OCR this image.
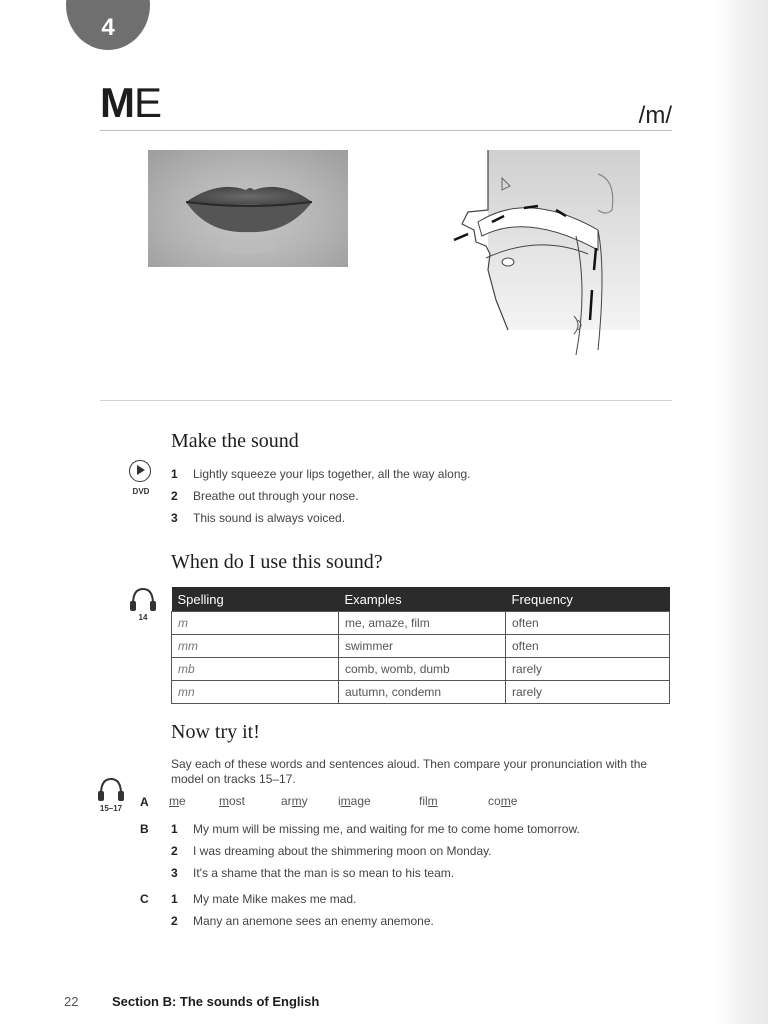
4
ME	/m/
Make the sound
DVD
1 Lightly squeeze your lips together, all the way along.
2 Breathe out through your nose.
3 This sound is always voiced.
When do I use this sound?
14
Spelling	Examples	Frequency
m	me, amaze, film	often
mm	swimmer	often
mb	comb, womb, dumb	rarely
mn	autumn, condemn	rarely
Now try it!
Say each of these words and sentences aloud. Then compare your pronunciation with the
model on tracks 15–17.
15–17	A me	most	army	image	film	come
B 1 My mum will be missing me, and waiting for me to come home tomorrow.
2 I was dreaming about the shimmering moon on Monday.
3 It's a shame that the man is so mean to his team.
C 1 My mate Mike makes me mad.
2 Many an anemone sees an enemy anemone.
22	Section B: The sounds of English
